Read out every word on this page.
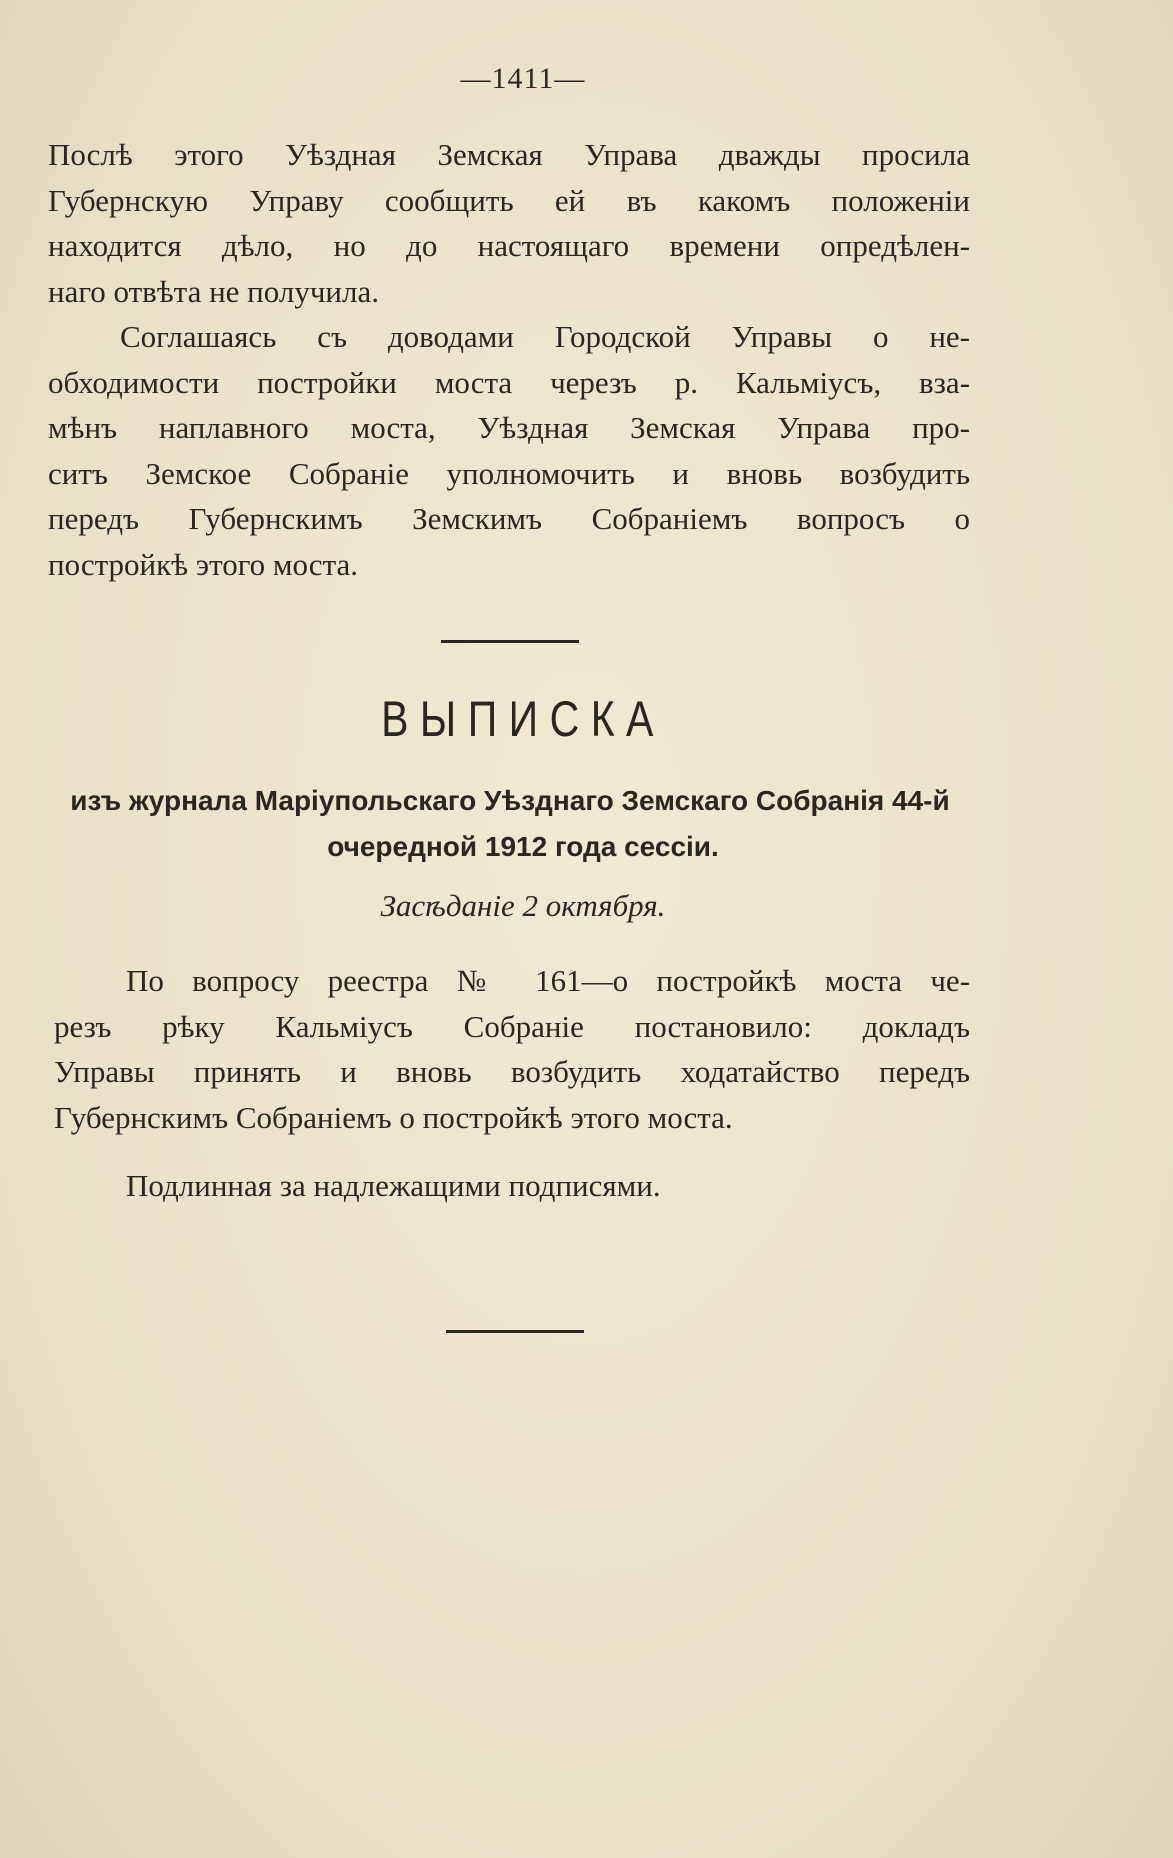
—1411—
Послѣ этого Уѣздная Земская Управа дважды просила
Губернскую Управу сообщить ей въ какомъ положеніи
находится дѣло, но до настоящаго времени опредѣлен-
наго отвѣта не получила.
Соглашаясь съ доводами Городской Управы о не-
обходимости постройки моста черезъ р. Кальміусъ, вза-
мѣнъ наплавного моста, Уѣздная Земская Управа про-
ситъ Земское Собраніе уполномочить и вновь возбудить
передъ Губернскимъ Земскимъ Собраніемъ вопросъ о
постройкѣ этого моста.
ВЫПИСКА

изъ журнала Маріупольскаго Уѣзднаго Земскаго Собранія 44-й

очередной 1912 года сессіи.

Засѣданіе 2 октября.
По вопросу реестра № 161—о постройкѣ моста че-
резъ рѣку Кальміусъ Собраніе постановило: докладъ
Управы принять и вновь возбудить ходатайство передъ
Губернскимъ Собраніемъ о постройкѣ этого моста.
Подлинная за надлежащими подписями.
